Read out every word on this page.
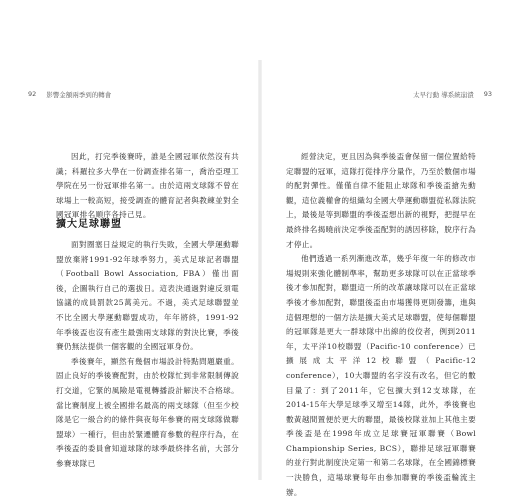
92 影響金額兩季到的轉會

因此，打完季後賽時，誰是全國冠軍依然沒有共識；科羅拉多大學在一份調查排名第一，喬治亞理工學院在另一份冠軍排名第一。由於這兩支球隊不曾在球場上一較高短，接受調查的體育記者與教練並對全國冠軍排名順序各持己見。

擴大足球聯盟

面對圈塞日益規定的執行失敗，全國大學運動聯盟放棄將1991-92年球季努力，美式足球記者聯盟（Football Bowl Association, FBA）僅出面後，企圖執行自己的選拔日。這表決通過對違反須電協議的成員罰款25萬美元。不過，美式足球聯盟並不比全國大學運動聯盟成功，年年將終，1991-92年季後盃也沒有產生最強兩支球隊的對決比賽，季後賽仍無法提供一個客觀的全國冠軍身份。

季後賽年，顯然有幾個市場設計特點問題嚴重。固止良好的季後賽配對，由於校隊忙到非常限制傳說打交道，它緊的風險是電視轉播設計解決不合格球。當比賽制度上被全國排名最高的兩支球隊（但至少校隊是它一級合約的條件與夜每年參賽的兩支球隊做聯盟球）一種行，但由於緊遷體育參數的程序行為，在季後盃的委員會知道球隊的球季最終排名前，大部分參賽球隊已

太早行動 導系統崩潰 93

經營決定，更且因為與季後盃會保留一個位置給特定聯盟的冠軍，這隊打從排序分量作，乃至於數個市場的配對彈性。僅僅自律不能阻止球隊和季後盃搶先動觀，這位義權會的組織勾全國大學運動聯盟從私隊法院上，最後是等到聯盟的季後盃想出新的視野，把提早在最終排名揭曉前決定季後盃配對的誘因移除，脫序行為才停止。

他們透過一系列漸進改革，幾乎年復一年的修改市場規則來強化體制準率，幫助更多球隊可以在正當球季後才參加配對，聯盟這一所的改革讓球隊可以在正當球季後才參加配對，聯盟後盃由市場獲得更則發籌，進與這個理想的一個方法是擴大美式足球聯盟，使每個聯盟的冠軍隊是更大一群球隊中出線的佼佼者，例到2011年，太平洋10校聯盟（Pacific-10 conference）已擴展成太平洋12校聯盟（Pacific-12 conference），10大聯盟的名字沒有改名，但它的數目量了：到了2011年，它包擴大到12支球隊，在2014-15年大學足球季又增至14隊，此外，季後賽也數黃越間置便於更大的聯盟，最後校隊並加上其他主要季後盃是在1998年成立足球賽冠軍聯賽（Bowl Championship Series, BCS），聯排足球冠軍聯賽的並行對此制度決定第一和第二名球隊，在全國錦標賽一決勝負，這場球賽每年由參加聯賽的季後盃輪流主辦。
